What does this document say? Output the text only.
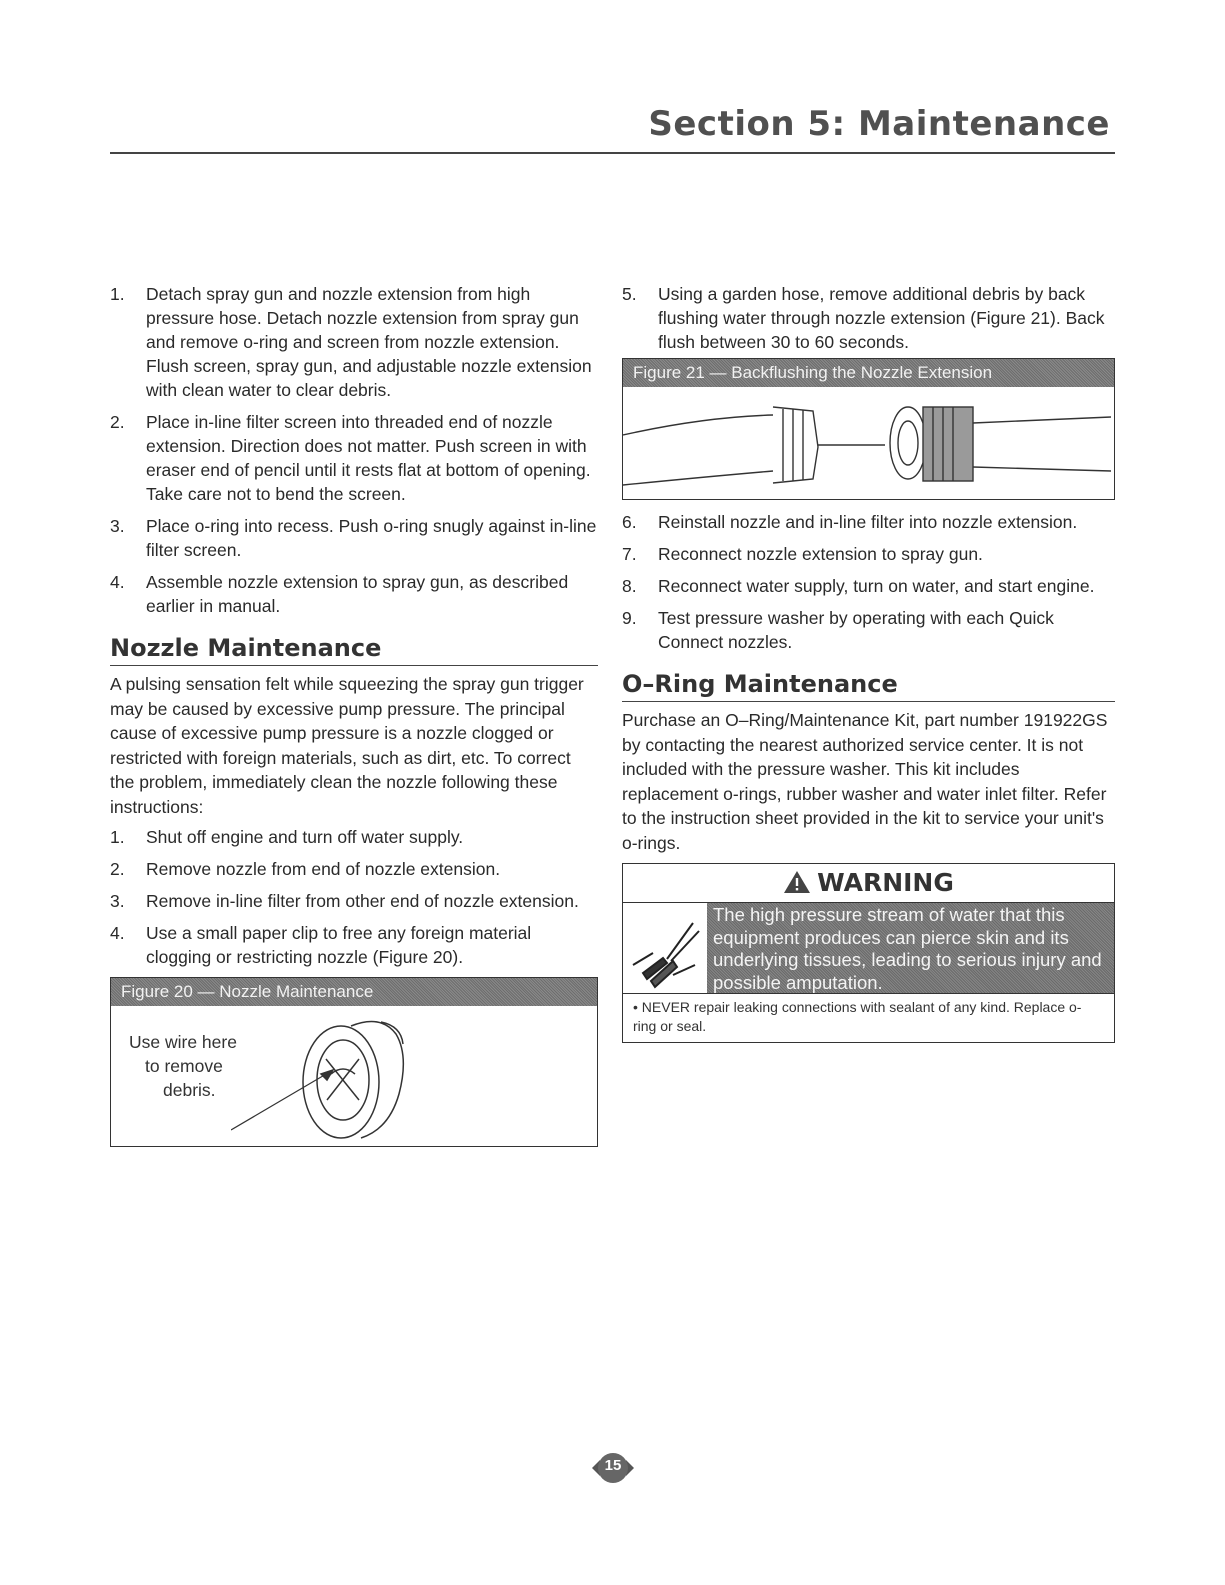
Section 5: Maintenance
1. Detach spray gun and nozzle extension from high pressure hose. Detach nozzle extension from spray gun and remove o-ring and screen from nozzle extension. Flush screen, spray gun, and adjustable nozzle extension with clean water to clear debris.
2. Place in-line filter screen into threaded end of nozzle extension. Direction does not matter. Push screen in with eraser end of pencil until it rests flat at bottom of opening. Take care not to bend the screen.
3. Place o-ring into recess. Push o-ring snugly against in-line filter screen.
4. Assemble nozzle extension to spray gun, as described earlier in manual.
Nozzle Maintenance

A pulsing sensation felt while squeezing the spray gun trigger may be caused by excessive pump pressure. The principal cause of excessive pump pressure is a nozzle clogged or restricted with foreign materials, such as dirt, etc. To correct the problem, immediately clean the nozzle following these instructions:

1. Shut off engine and turn off water supply.
2. Remove nozzle from end of nozzle extension.
3. Remove in-line filter from other end of nozzle extension.
4. Use a small paper clip to free any foreign material clogging or restricting nozzle (Figure 20).
Figure 20 — Nozzle Maintenance
Use wire here
to remove
debris.
5. Using a garden hose, remove additional debris by back flushing water through nozzle extension (Figure 21). Back flush between 30 to 60 seconds.
Figure 21 — Backflushing the Nozzle Extension
6. Reinstall nozzle and in-line filter into nozzle extension.
7. Reconnect nozzle extension to spray gun.
8. Reconnect water supply, turn on water, and start engine.
9. Test pressure washer by operating with each Quick Connect nozzles.
O–Ring Maintenance

Purchase an O–Ring/Maintenance Kit, part number 191922GS by contacting the nearest authorized service center. It is not included with the pressure washer. This kit includes replacement o-rings, rubber washer and water inlet filter. Refer to the instruction sheet provided in the kit to service your unit's o-rings.

WARNING
The high pressure stream of water that this equipment produces can pierce skin and its underlying tissues, leading to serious injury and possible amputation.
• NEVER repair leaking connections with sealant of any kind. Replace o-ring or seal.
15
